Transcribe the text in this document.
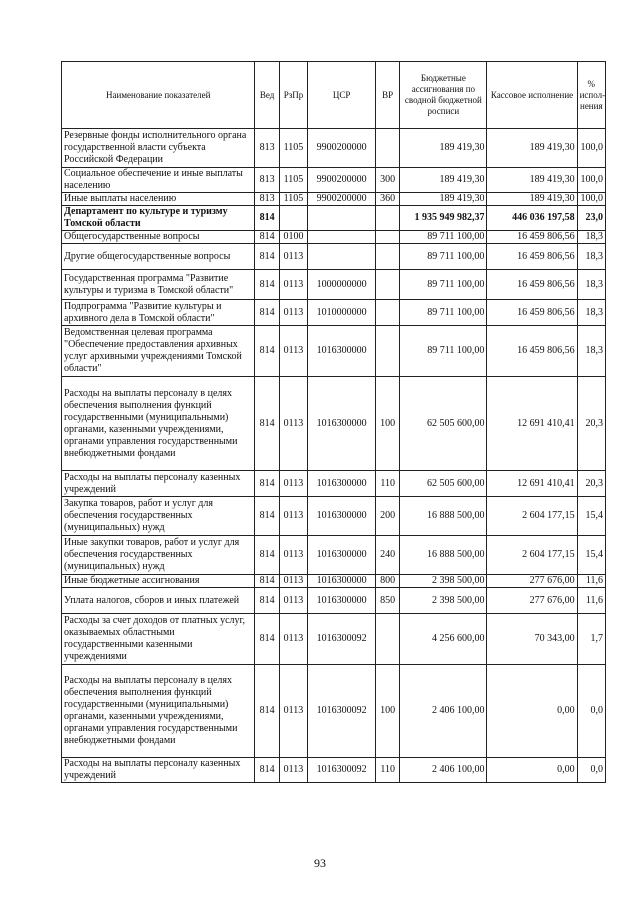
Наименование показателей	Вед	РзПр	ЦСР	ВР	Бюджетные ассигнования по сводной бюджетной росписи	Кассовое исполнение	% испол-нения
Резервные фонды исполнительного органа государственной власти субъекта Российской Федерации	813	1105	9900200000		189 419,30	189 419,30	100,0
Социальное обеспечение и иные выплаты населению	813	1105	9900200000	300	189 419,30	189 419,30	100,0
Иные выплаты населению	813	1105	9900200000	360	189 419,30	189 419,30	100,0
Департамент по культуре и туризму Томской области	814				1 935 949 982,37	446 036 197,58	23,0
Общегосударственные вопросы	814	0100			89 711 100,00	16 459 806,56	18,3
Другие общегосударственные вопросы	814	0113			89 711 100,00	16 459 806,56	18,3
Государственная программа "Развитие культуры и туризма в Томской области"	814	0113	1000000000		89 711 100,00	16 459 806,56	18,3
Подпрограмма "Развитие культуры и архивного дела в Томской области"	814	0113	1010000000		89 711 100,00	16 459 806,56	18,3
Ведомственная целевая программа "Обеспечение предоставления архивных услуг архивными учреждениями Томской области"	814	0113	1016300000		89 711 100,00	16 459 806,56	18,3
Расходы на выплаты персоналу в целях обеспечения выполнения функций государственными (муниципальными) органами, казенными учреждениями, органами управления государственными внебюджетными фондами	814	0113	1016300000	100	62 505 600,00	12 691 410,41	20,3
Расходы на выплаты персоналу казенных учреждений	814	0113	1016300000	110	62 505 600,00	12 691 410,41	20,3
Закупка товаров, работ и услуг для обеспечения государственных (муниципальных) нужд	814	0113	1016300000	200	16 888 500,00	2 604 177,15	15,4
Иные закупки товаров, работ и услуг для обеспечения государственных (муниципальных) нужд	814	0113	1016300000	240	16 888 500,00	2 604 177,15	15,4
Иные бюджетные ассигнования	814	0113	1016300000	800	2 398 500,00	277 676,00	11,6
Уплата налогов, сборов и иных платежей	814	0113	1016300000	850	2 398 500,00	277 676,00	11,6
Расходы за счет доходов от платных услуг, оказываемых областными государственными казенными учреждениями	814	0113	1016300092		4 256 600,00	70 343,00	1,7
Расходы на выплаты персоналу в целях обеспечения выполнения функций государственными (муниципальными) органами, казенными учреждениями, органами управления государственными внебюджетными фондами	814	0113	1016300092	100	2 406 100,00	0,00	0,0
Расходы на выплаты персоналу казенных учреждений	814	0113	1016300092	110	2 406 100,00	0,00	0,0
93
